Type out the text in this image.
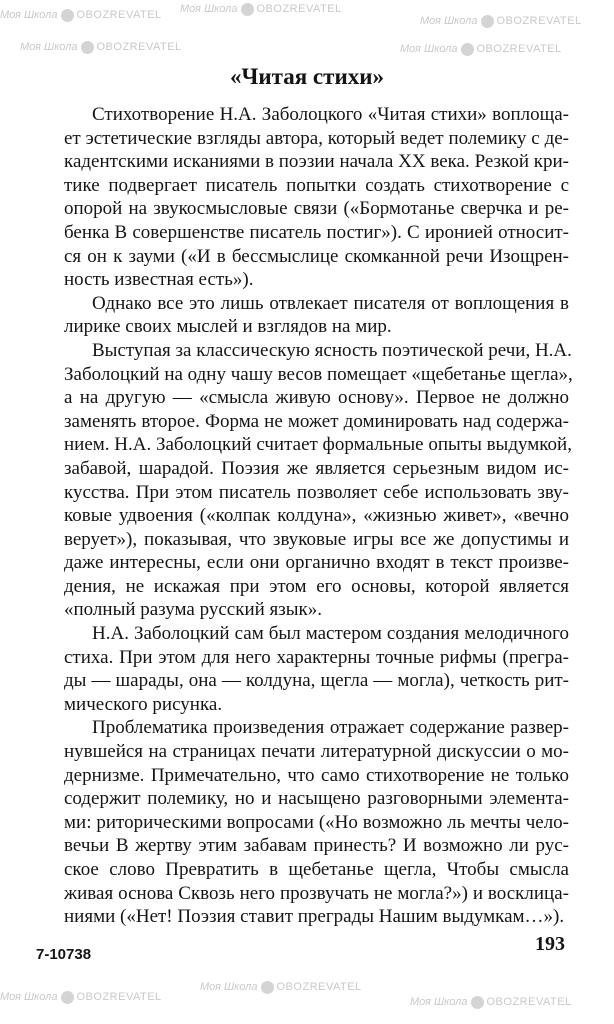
«Читая стихи»
Стихотворение Н.А. Заболоцкого «Читая стихи» воплоща-
ет эстетические взгляды автора, который ведет полемику с де-
кадентскими исканиями в поэзии начала XX века. Резкой кри-
тике подвергает писатель попытки создать стихотворение с
опорой на звукосмысловые связи («Бормотанье сверчка и ре-
бенка В совершенстве писатель постиг»). С иронией относит-
ся он к зауми («И в бессмыслице скомканной речи Изощрен-
ность известная есть»).
Однако все это лишь отвлекает писателя от воплощения в
лирике своих мыслей и взглядов на мир.
Выступая за классическую ясность поэтической речи, Н.А.
Заболоцкий на одну чашу весов помещает «щебетанье щегла»,
а на другую — «смысла живую основу». Первое не должно
заменять второе. Форма не может доминировать над содержа-
нием. Н.А. Заболоцкий считает формальные опыты выдумкой,
забавой, шарадой. Поэзия же является серьезным видом ис-
кусства. При этом писатель позволяет себе использовать зву-
ковые удвоения («колпак колдуна», «жизнью живет», «вечно
верует»), показывая, что звуковые игры все же допустимы и
даже интересны, если они органично входят в текст произве-
дения, не искажая при этом его основы, которой является
«полный разума русский язык».
Н.А. Заболоцкий сам был мастером создания мелодичного
стиха. При этом для него характерны точные рифмы (прегра-
ды — шарады, она — колдуна, щегла — могла), четкость рит-
мического рисунка.
Проблематика произведения отражает содержание развер-
нувшейся на страницах печати литературной дискуссии о мо-
дернизме. Примечательно, что само стихотворение не только
содержит полемику, но и насыщено разговорными элемента-
ми: риторическими вопросами («Но возможно ль мечты чело-
вечьи В жертву этим забавам принесть? И возможно ли рус-
ское слово Превратить в щебетанье щегла, Чтобы смысла
живая основа Сквозь него прозвучать не могла?») и восклица-
ниями («Нет! Поэзия ставит преграды Нашим выдумкам…»).
7-10738	193
Моя Школа OBOZREVATEL Моя Школа OBOZREVATEL
Моя Школа OBOZREVATEL
Моя Школа OBOZREVATEL	Моя Школа OBOZREVATEL
Моя Школа OBOZREVATEL
Моя Школа OBOZREVATEL
Моя Школа OBOZREVATEL
